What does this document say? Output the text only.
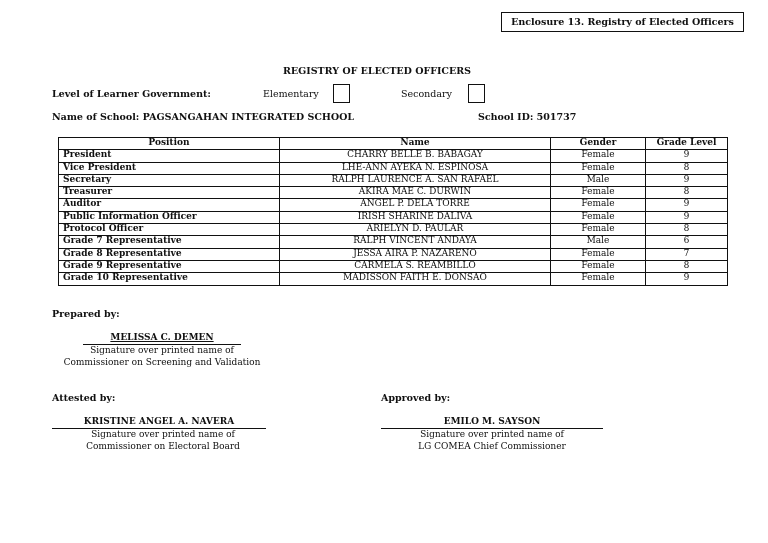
Enclosure 13. Registry of Elected Officers
REGISTRY OF ELECTED OFFICERS
Level of Learner Government:	Elementary	Secondary
Name of School: PAGSANGAHAN INTEGRATED SCHOOL	School ID: 501737
Position	Name	Gender	Grade Level
President	CHARRY BELLE B. BABAGAY	Female	9
Vice President	LHE-ANN AYEKA N. ESPINOSA	Female	8
Secretary	RALPH LAURENCE A. SAN RAFAEL	Male	9
Treasurer	AKIRA MAE C. DURWIN	Female	8
Auditor	ANGEL P. DELA TORRE	Female	9
Public Information Officer	IRISH SHARINE DALIVA	Female	9
Protocol Officer	ARIELYN D. PAULAR	Female	8
Grade 7 Representative	RALPH VINCENT ANDAYA	Male	6
Grade 8 Representative	JESSA AIRA P. NAZARENO	Female	7
Grade 9 Representative	CARMELA S. REAMBILLO	Female	8
Grade 10 Representative	MADISSON FAITH E. DONSAO	Female	9
Prepared by:
MELISSA C. DEMEN
Signature over printed name of
Commissioner on Screening and Validation
Attested by:
KRISTINE ANGEL A. NAVERA
Signature over printed name of
Commissioner on Electoral Board
Approved by:
EMILO M. SAYSON
Signature over printed name of
LG COMEA Chief Commissioner
